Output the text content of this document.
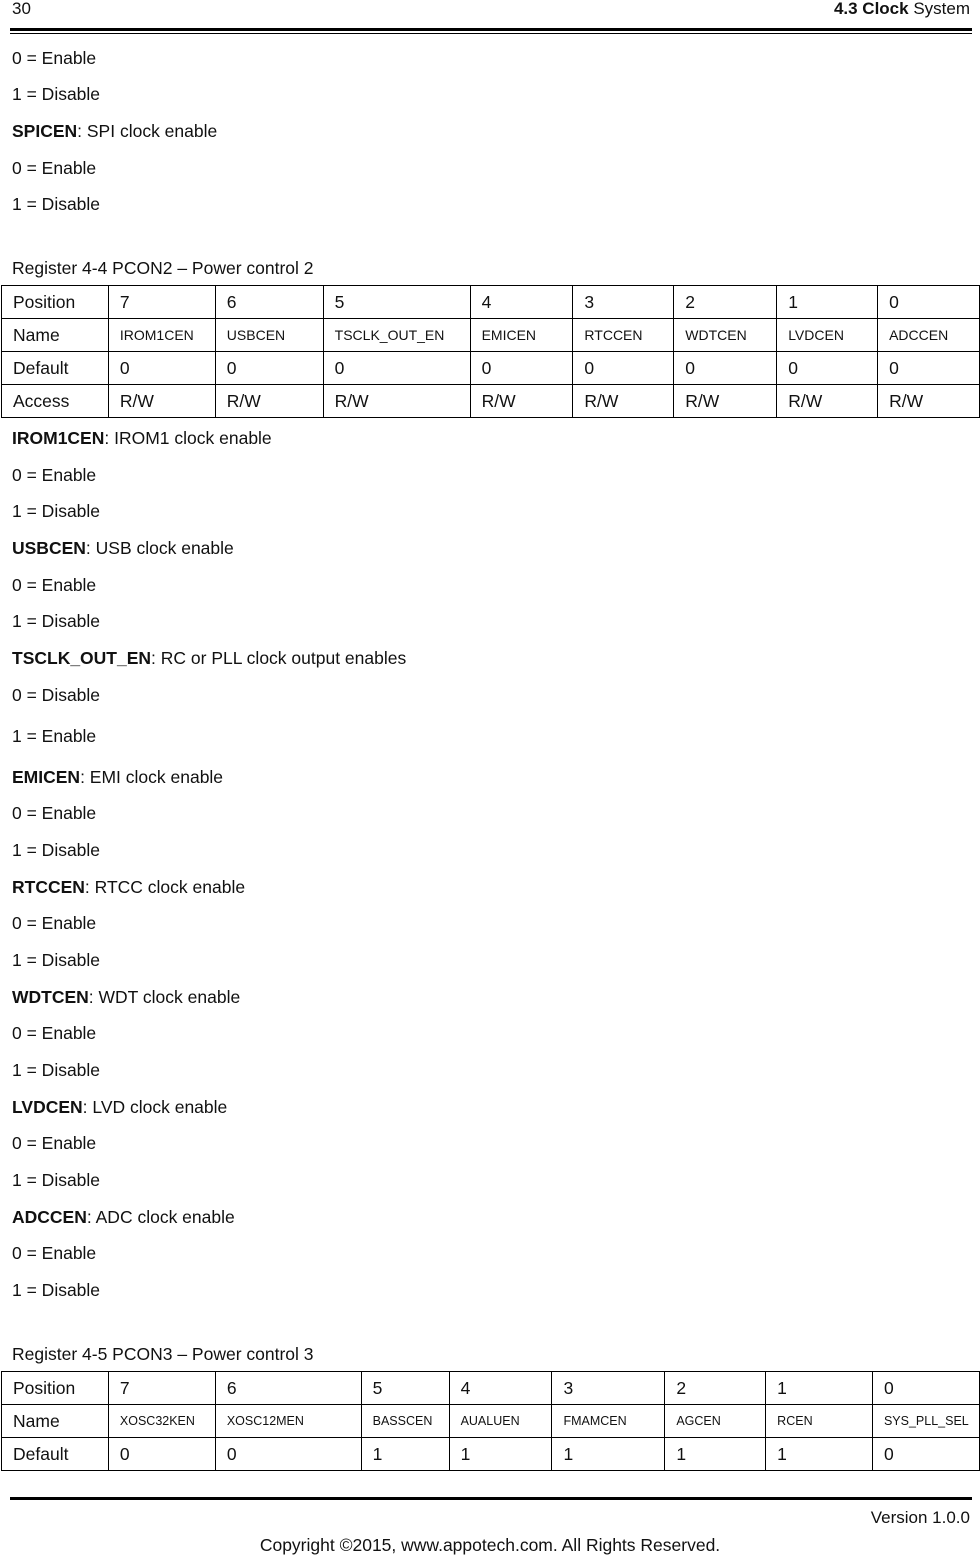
30	4.3 Clock System
0 = Enable
1 = Disable
SPICEN: SPI clock enable
0 = Enable
1 = Disable
Register 4-4 PCON2 – Power control 2
Position	7	6	5	4	3	2	1	0
Name	IROM1CEN	USBCEN	TSCLK_OUT_EN	EMICEN	RTCCEN	WDTCEN	LVDCEN	ADCCEN
Default	0	0	0	0	0	0	0	0
Access	R/W	R/W	R/W	R/W	R/W	R/W	R/W	R/W
IROM1CEN: IROM1 clock enable
0 = Enable
1 = Disable
USBCEN: USB clock enable
0 = Enable
1 = Disable
TSCLK_OUT_EN: RC or PLL clock output enables
0 = Disable
1 = Enable
EMICEN: EMI clock enable
0 = Enable
1 = Disable
RTCCEN: RTCC clock enable
0 = Enable
1 = Disable
WDTCEN: WDT clock enable
0 = Enable
1 = Disable
LVDCEN: LVD clock enable
0 = Enable
1 = Disable
ADCCEN: ADC clock enable
0 = Enable
1 = Disable
Register 4-5 PCON3 – Power control 3
Position	7	6	5	4	3	2	1	0
Name	XOSC32KEN	XOSC12MEN	BASSCEN	AUALUEN	FMAMCEN	AGCEN	RCEN	SYS_PLL_SEL
Default	0	0	1	1	1	1	1	0
Version 1.0.0
Copyright ©2015, www.appotech.com. All Rights Reserved.
